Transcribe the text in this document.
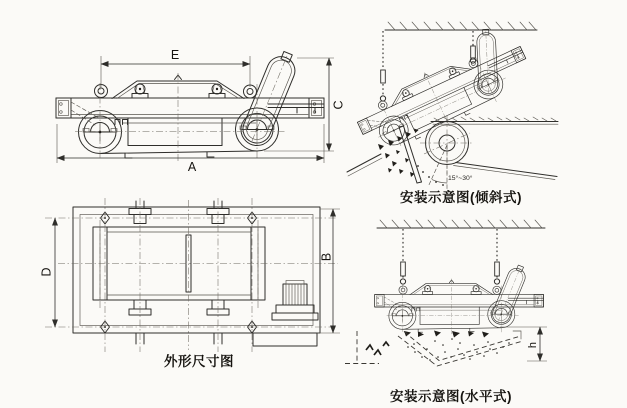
E
A
C
D
B
外形尺寸图
15°~30°
安装示意图(倾斜式)
h
安装示意图(水平式)
